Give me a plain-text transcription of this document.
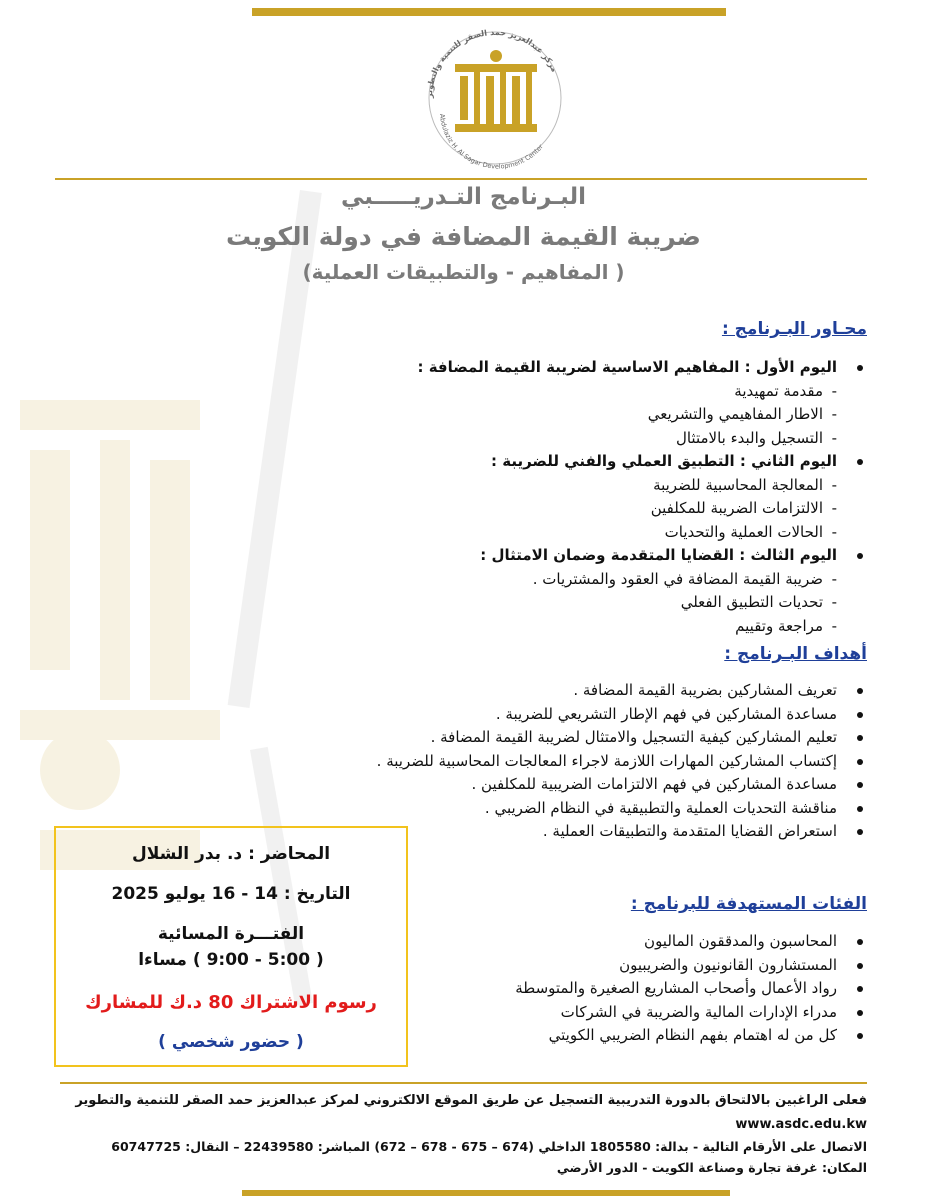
مركز عبدالعزيز حمد الصقر للتنمية والتطوير
Abdulaziz H. Al Sagar Development Center
البـرنامج التـدريـــــبي
ضريبة القيمة المضافة في دولة الكويت
( المفاهيم - والتطبيقات العملية)
محـاور البـرنامج :
اليوم الأول : المفاهيم الاساسية لضريبة القيمة المضافة :
-
مقدمة تمهيدية
-
الاطار المفاهيمي والتشريعي
-
التسجيل والبدء بالامتثال
اليوم الثاني : التطبيق العملي والفني للضريبة :
-
المعالجة المحاسبية للضريبة
-
الالتزامات الضريبة للمكلفين
-
الحالات العملية والتحديات
اليوم الثالث : القضايا المتقدمة وضمان الامتثال :
-
ضريبة القيمة المضافة في العقود والمشتريات .
-
تحديات التطبيق الفعلي
-
مراجعة وتقييم
أهداف البـرنامج :
تعريف المشاركين بضريبة القيمة المضافة .
مساعدة المشاركين في فهم الإطار التشريعي للضريبة .
تعليم المشاركين كيفية التسجيل والامتثال لضريبة القيمة المضافة .
إكتساب المشاركين المهارات اللازمة لاجراء المعالجات المحاسبية للضريبة .
مساعدة المشاركين في فهم الالتزامات الضريبية للمكلفين .
مناقشة التحديات العملية والتطبيقية في النظام الضريبي .
استعراض القضايا المتقدمة والتطبيقات العملية .
المحاضر : د. بدر الشلال
التاريخ : 14 - 16 يوليو 2025
الفتـــرة المسائية
( 5:00 - 9:00 ) مساءا
رسوم الاشتراك 80 د.ك للمشارك
( حضور شخصي )
الفئات المستهدفة للبرنامج :
المحاسبون والمدققون الماليون
المستشارون القانونيون والضريبيون
رواد الأعمال وأصحاب المشاريع الصغيرة والمتوسطة
مدراء الإدارات المالية والضريبة في الشركات
كل من له اهتمام بفهم النظام الضريبي الكويتي
فعلى الراغبين بالالتحاق بالدورة التدريبية التسجيل عن طريق الموقع الالكتروني لمركز عبدالعزيز حمد الصقر للتنمية والتطوير
www.asdc.edu.kw
الاتصال على الأرقام التالية - بدالة: 1805580 الداخلي (674 – 675 - 678 – 672) المباشر: 22439580 – النقال: 60747725
المكان: غرفة تجارة وصناعة الكويت - الدور الأرضي
